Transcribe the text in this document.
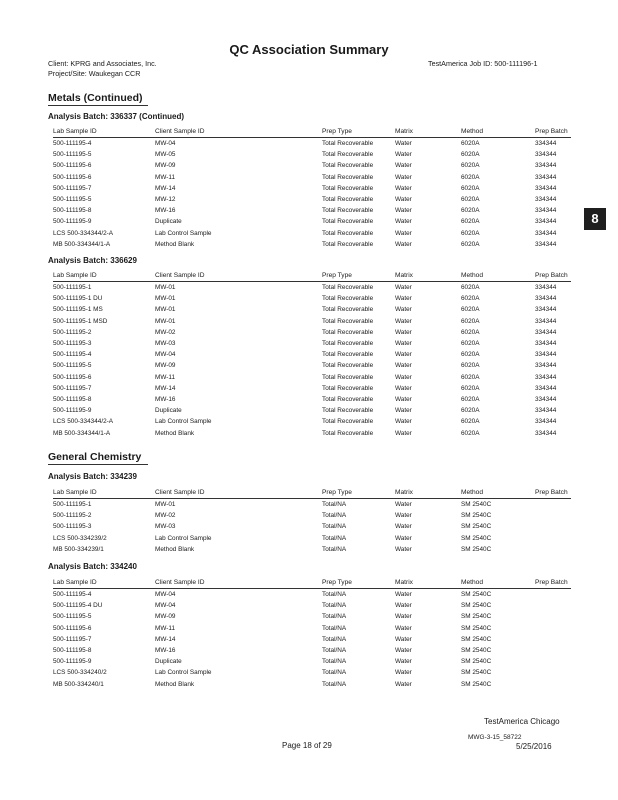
QC Association Summary
Client: KPRG and Associates, Inc.	TestAmerica Job ID: 500-111196-1
Project/Site: Waukegan CCR
8
Metals (Continued)
Analysis Batch: 336337 (Continued)
Lab Sample ID	Client Sample ID	Prep Type	Matrix	Method	Prep Batch
500-111195-4	MW-04	Total Recoverable	Water	6020A	334344
500-111195-5	MW-05	Total Recoverable	Water	6020A	334344
500-111195-6	MW-09	Total Recoverable	Water	6020A	334344
500-111195-6	MW-11	Total Recoverable	Water	6020A	334344
500-111195-7	MW-14	Total Recoverable	Water	6020A	334344
500-111195-5	MW-12	Total Recoverable	Water	6020A	334344
500-111195-8	MW-16	Total Recoverable	Water	6020A	334344
500-111195-9	Duplicate	Total Recoverable	Water	6020A	334344
LCS 500-334344/2-A	Lab Control Sample	Total Recoverable	Water	6020A	334344
MB 500-334344/1-A	Method Blank	Total Recoverable	Water	6020A	334344
Analysis Batch: 336629
Lab Sample ID	Client Sample ID	Prep Type	Matrix	Method	Prep Batch
500-111195-1	MW-01	Total Recoverable	Water	6020A	334344
500-111195-1 DU	MW-01	Total Recoverable	Water	6020A	334344
500-111195-1 MS	MW-01	Total Recoverable	Water	6020A	334344
500-111195-1 MSD	MW-01	Total Recoverable	Water	6020A	334344
500-111195-2	MW-02	Total Recoverable	Water	6020A	334344
500-111195-3	MW-03	Total Recoverable	Water	6020A	334344
500-111195-4	MW-04	Total Recoverable	Water	6020A	334344
500-111195-5	MW-09	Total Recoverable	Water	6020A	334344
500-111195-6	MW-11	Total Recoverable	Water	6020A	334344
500-111195-7	MW-14	Total Recoverable	Water	6020A	334344
500-111195-8	MW-16	Total Recoverable	Water	6020A	334344
500-111195-9	Duplicate	Total Recoverable	Water	6020A	334344
LCS 500-334344/2-A	Lab Control Sample	Total Recoverable	Water	6020A	334344
MB 500-334344/1-A	Method Blank	Total Recoverable	Water	6020A	334344
General Chemistry
Analysis Batch: 334239
Lab Sample ID	Client Sample ID	Prep Type	Matrix	Method	Prep Batch
500-111195-1	MW-01	Total/NA	Water	SM 2540C
500-111195-2	MW-02	Total/NA	Water	SM 2540C
500-111195-3	MW-03	Total/NA	Water	SM 2540C
LCS 500-334239/2	Lab Control Sample	Total/NA	Water	SM 2540C
MB 500-334239/1	Method Blank	Total/NA	Water	SM 2540C
Analysis Batch: 334240
Lab Sample ID	Client Sample ID	Prep Type	Matrix	Method	Prep Batch
500-111195-4	MW-04	Total/NA	Water	SM 2540C
500-111195-4 DU	MW-04	Total/NA	Water	SM 2540C
500-111195-5	MW-09	Total/NA	Water	SM 2540C
500-111195-6	MW-11	Total/NA	Water	SM 2540C
500-111195-7	MW-14	Total/NA	Water	SM 2540C
500-111195-8	MW-16	Total/NA	Water	SM 2540C
500-111195-9	Duplicate	Total/NA	Water	SM 2540C
LCS 500-334240/2	Lab Control Sample	Total/NA	Water	SM 2540C
MB 500-334240/1	Method Blank	Total/NA	Water	SM 2540C
TestAmerica Chicago
Page 18 of 29
MWG-3-15_58722
5/25/2016
